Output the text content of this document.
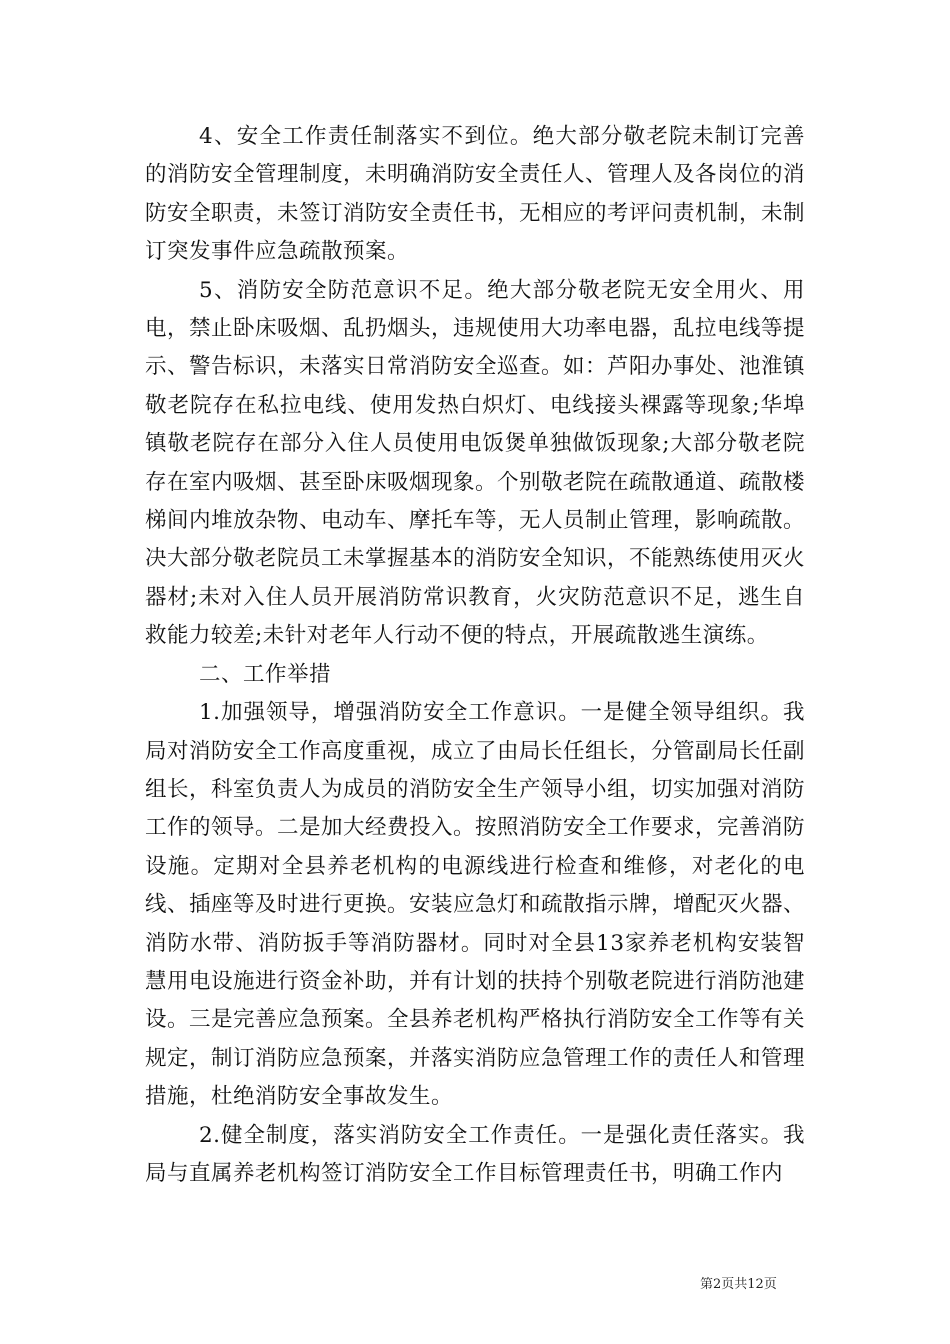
4、安全工作责任制落实不到位。绝大部分敬老院未制订完善的消防安全管理制度，未明确消防安全责任人、管理人及各岗位的消防安全职责，未签订消防安全责任书，无相应的考评问责机制，未制订突发事件应急疏散预案。

5、消防安全防范意识不足。绝大部分敬老院无安全用火、用电，禁止卧床吸烟、乱扔烟头，违规使用大功率电器，乱拉电线等提示、警告标识，未落实日常消防安全巡查。如：芦阳办事处、池淮镇敬老院存在私拉电线、使用发热白炽灯、电线接头裸露等现象;华埠镇敬老院存在部分入住人员使用电饭煲单独做饭现象;大部分敬老院存在室内吸烟、甚至卧床吸烟现象。个别敬老院在疏散通道、疏散楼梯间内堆放杂物、电动车、摩托车等，无人员制止管理，影响疏散。决大部分敬老院员工未掌握基本的消防安全知识，不能熟练使用灭火器材;未对入住人员开展消防常识教育，火灾防范意识不足，逃生自救能力较差;未针对老年人行动不便的特点，开展疏散逃生演练。

二、工作举措

1.加强领导，增强消防安全工作意识。一是健全领导组织。我局对消防安全工作高度重视，成立了由局长任组长，分管副局长任副组长，科室负责人为成员的消防安全生产领导小组，切实加强对消防工作的领导。二是加大经费投入。按照消防安全工作要求，完善消防设施。定期对全县养老机构的电源线进行检查和维修，对老化的电线、插座等及时进行更换。安装应急灯和疏散指示牌，增配灭火器、消防水带、消防扳手等消防器材。同时对全县13家养老机构安装智慧用电设施进行资金补助，并有计划的扶持个别敬老院进行消防池建设。三是完善应急预案。全县养老机构严格执行消防安全工作等有关规定，制订消防应急预案，并落实消防应急管理工作的责任人和管理措施，杜绝消防安全事故发生。

2.健全制度，落实消防安全工作责任。一是强化责任落实。我局与直属养老机构签订消防安全工作目标管理责任书，明确工作内

第2页共12页
